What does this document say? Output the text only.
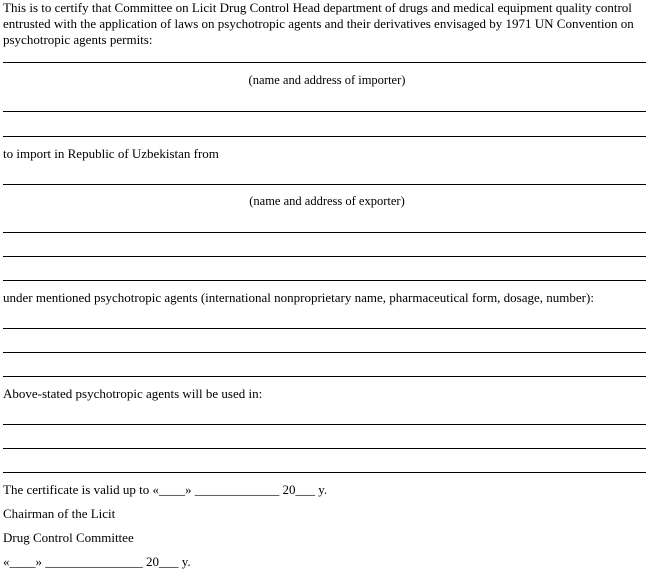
This is to certify that Committee on Licit Drug Control Head department of drugs and medical equipment quality control entrusted with the application of laws on psychotropic agents and their derivatives envisaged by 1971 UN Convention on psychotropic agents permits:

(name and address of importer)
to import in Republic of Uzbekistan from
(name and address of exporter)
under mentioned psychotropic agents (international nonproprietary name, pharmaceutical form, dosage, number):
Above-stated psychotropic agents will be used in:
The certificate is valid up to «____» _____________ 20___ y.
Chairman of the Licit
Drug Control Committee
«____» _______________ 20___ y.
